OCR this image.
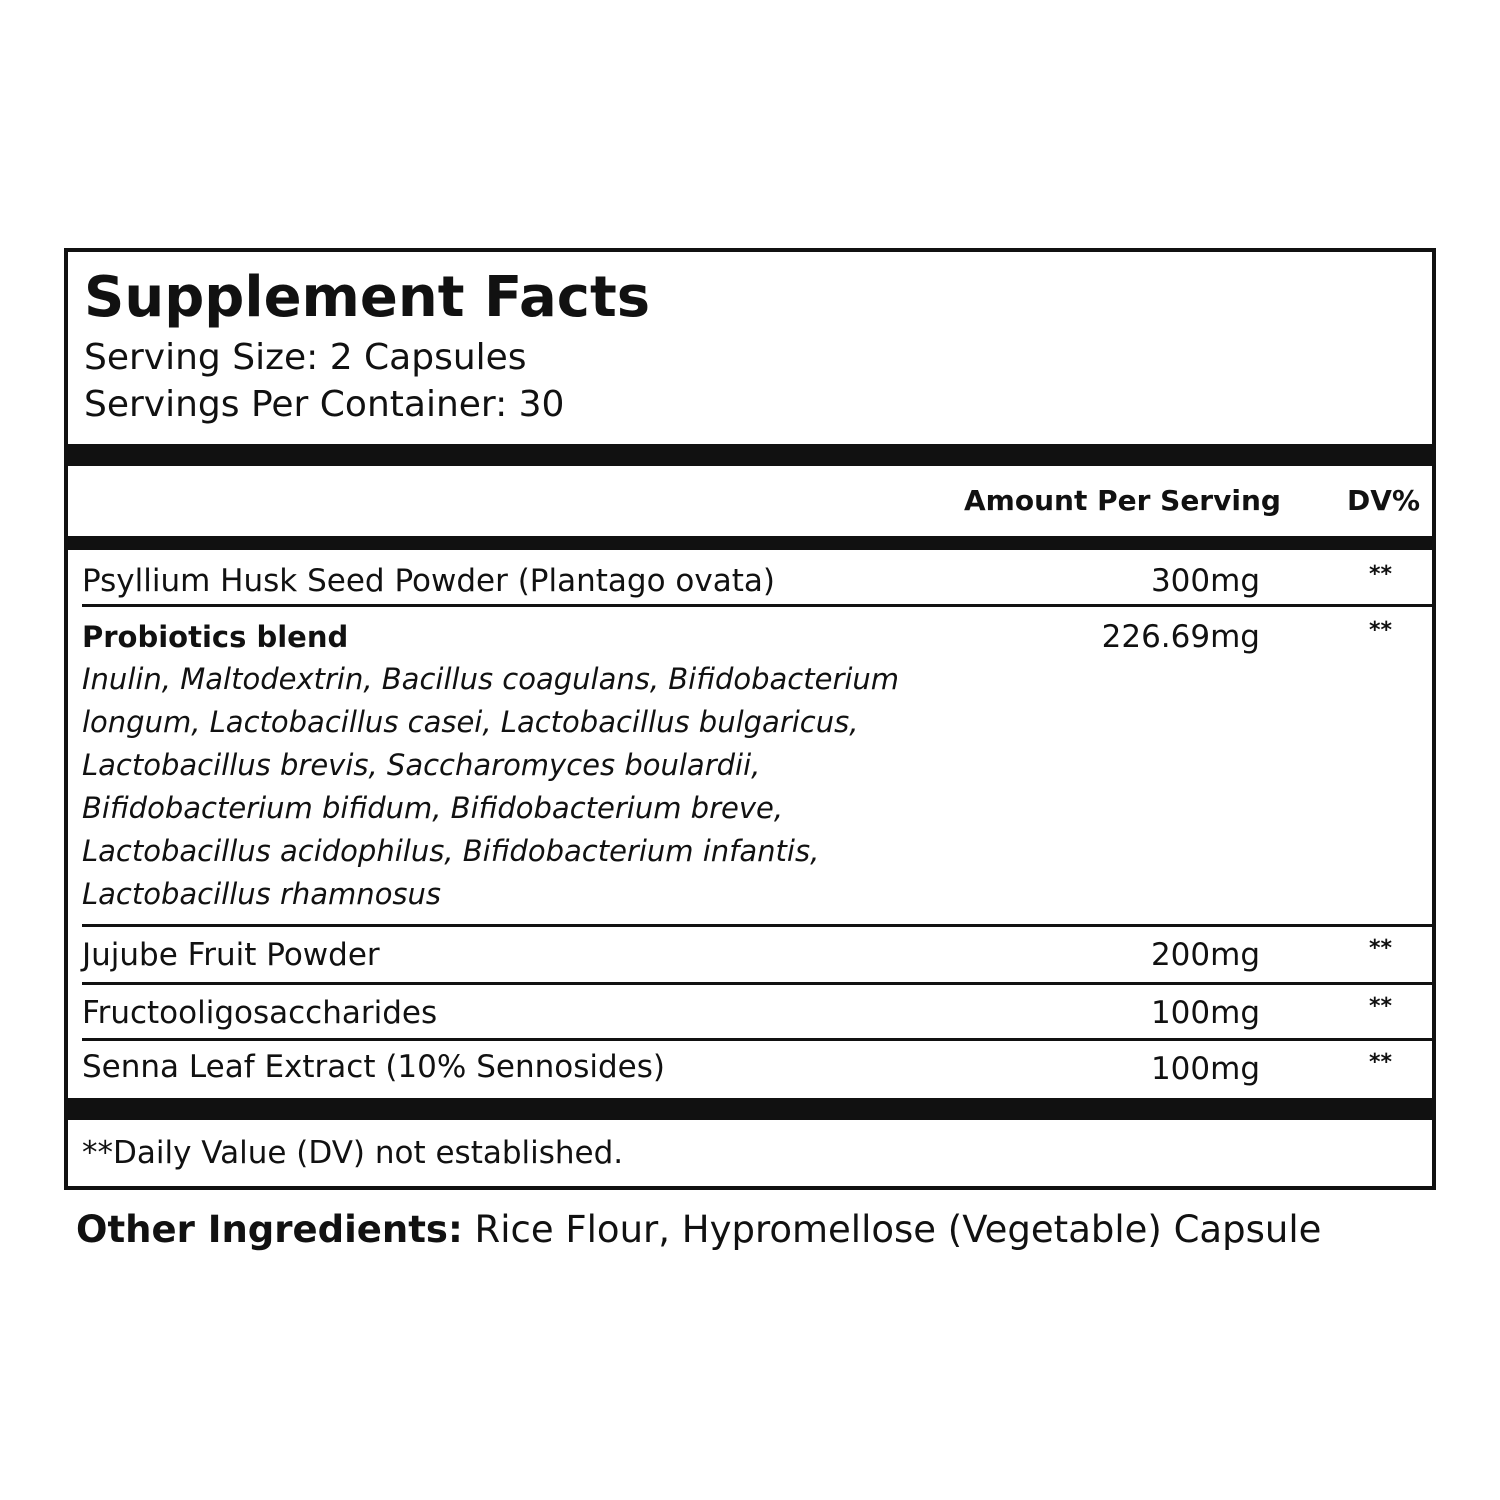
Supplement Facts
Serving Size: 2 Capsules
Servings Per Container: 30
Amount Per Serving DV%
Psyllium Husk Seed Powder (Plantago ovata)	300mg	**
Probiotics blend	226.69mg	**
Inulin, Maltodextrin, Bacillus coagulans, Bifidobacterium longum, Lactobacillus casei, Lactobacillus bulgaricus, Lactobacillus brevis, Saccharomyces boulardii, Bifidobacterium bifidum, Bifidobacterium breve, Lactobacillus acidophilus, Bifidobacterium infantis, Lactobacillus rhamnosus
Jujube Fruit Powder	200mg	**
Fructooligosaccharides	100mg	**
Senna Leaf Extract (10% Sennosides)	100mg	**
**Daily Value (DV) not established.
Other Ingredients: Rice Flour, Hypromellose (Vegetable) Capsule
